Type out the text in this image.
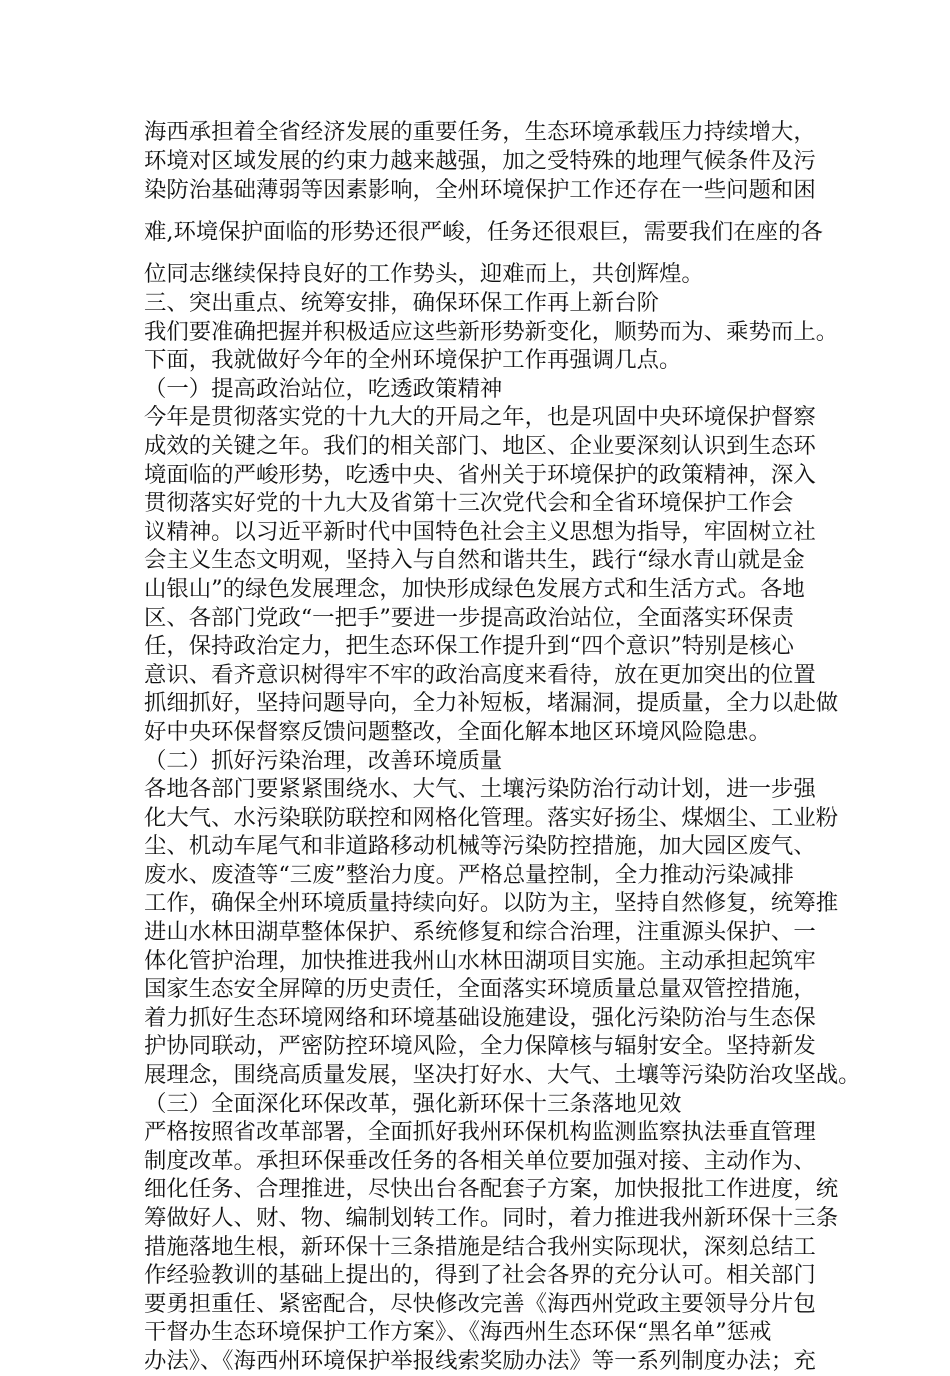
海西承担着全省经济发展的重要任务，生态环境承载压力持续增大，
环境对区域发展的约束力越来越强，加之受特殊的地理气候条件及污
染防治基础薄弱等因素影响，全州环境保护工作还存在一些问题和困
难,环境保护面临的形势还很严峻，任务还很艰巨，需要我们在座的各
位同志继续保持良好的工作势头，迎难而上，共创辉煌。
三、突出重点、统筹安排，确保环保工作再上新台阶
我们要准确把握并积极适应这些新形势新变化，顺势而为、乘势而上。
下面，我就做好今年的全州环境保护工作再强调几点。
（一）提高政治站位，吃透政策精神
今年是贯彻落实党的十九大的开局之年，也是巩固中央环境保护督察
成效的关键之年。我们的相关部门、地区、企业要深刻认识到生态环
境面临的严峻形势，吃透中央、省州关于环境保护的政策精神，深入
贯彻落实好党的十九大及省第十三次党代会和全省环境保护工作会
议精神。以习近平新时代中国特色社会主义思想为指导，牢固树立社
会主义生态文明观，坚持入与自然和谐共生，践行“绿水青山就是金
山银山”的绿色发展理念，加快形成绿色发展方式和生活方式。各地
区、各部门党政“一把手”要进一步提高政治站位，全面落实环保责
任，保持政治定力，把生态环保工作提升到“四个意识”特别是核心
意识、看齐意识树得牢不牢的政治高度来看待，放在更加突出的位置
抓细抓好，坚持问题导向，全力补短板，堵漏洞，提质量，全力以赴做
好中央环保督察反馈问题整改，全面化解本地区环境风险隐患。
（二）抓好污染治理，改善环境质量
各地各部门要紧紧围绕水、大气、土壤污染防治行动计划，进一步强
化大气、水污染联防联控和网格化管理。落实好扬尘、煤烟尘、工业粉
尘、机动车尾气和非道路移动机械等污染防控措施，加大园区废气、
废水、废渣等“三废”整治力度。严格总量控制，全力推动污染减排
工作，确保全州环境质量持续向好。以防为主，坚持自然修复，统筹推
进山水林田湖草整体保护、系统修复和综合治理，注重源头保护、一
体化管护治理，加快推进我州山水林田湖项目实施。主动承担起筑牢
国家生态安全屏障的历史责任，全面落实环境质量总量双管控措施，
着力抓好生态环境网络和环境基础设施建设，强化污染防治与生态保
护协同联动，严密防控环境风险，全力保障核与辐射安全。坚持新发
展理念，围绕高质量发展，坚决打好水、大气、土壤等污染防治攻坚战。
（三）全面深化环保改革，强化新环保十三条落地见效
严格按照省改革部署，全面抓好我州环保机构监测监察执法垂直管理
制度改革。承担环保垂改任务的各相关单位要加强对接、主动作为、
细化任务、合理推进，尽快出台各配套子方案，加快报批工作进度，统
筹做好人、财、物、编制划转工作。同时，着力推进我州新环保十三条
措施落地生根，新环保十三条措施是结合我州实际现状，深刻总结工
作经验教训的基础上提出的，得到了社会各界的充分认可。相关部门
要勇担重任、紧密配合，尽快修改完善《海西州党政主要领导分片包
干督办生态环境保护工作方案》、《海西州生态环保“黑名单”惩戒
办法》、《海西州环境保护举报线索奖励办法》等一系列制度办法；充
